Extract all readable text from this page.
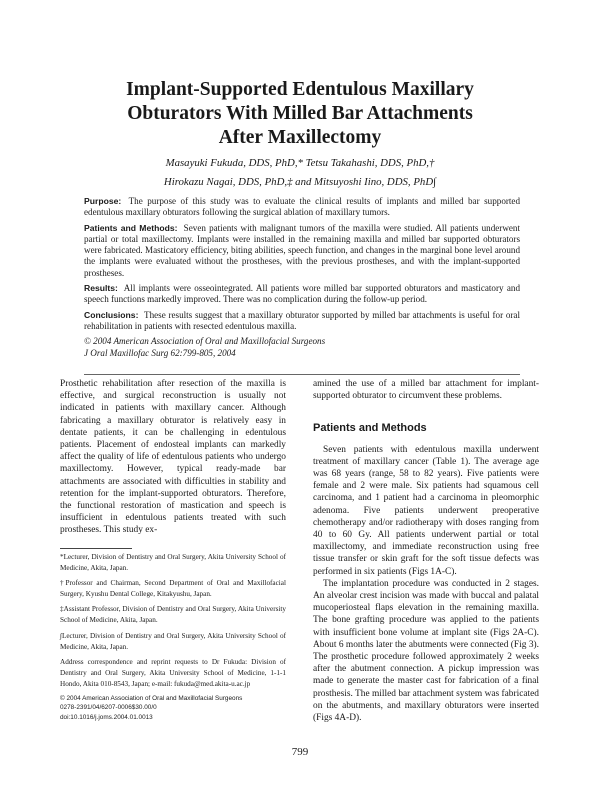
Implant-Supported Edentulous Maxillary
Obturators With Milled Bar Attachments
After Maxillectomy
Masayuki Fukuda, DDS, PhD,* Tetsu Takahashi, DDS, PhD,†
Hirokazu Nagai, DDS, PhD,‡ and Mitsuyoshi Iino, DDS, PhD∫

Purpose: The purpose of this study was to evaluate the clinical results of implants and milled bar supported edentulous maxillary obturators following the surgical ablation of maxillary tumors.

Patients and Methods: Seven patients with malignant tumors of the maxilla were studied. All patients underwent partial or total maxillectomy. Implants were installed in the remaining maxilla and milled bar supported obturators were fabricated. Masticatory efficiency, biting abilities, speech function, and changes in the marginal bone level around the implants were evaluated without the prostheses, with the previous prostheses, and with the implant-supported prostheses.

Results: All implants were osseointegrated. All patients wore milled bar supported obturators and masticatory and speech functions markedly improved. There was no complication during the follow-up period.

Conclusions: These results suggest that a maxillary obturator supported by milled bar attachments is useful for oral rehabilitation in patients with resected edentulous maxilla.

© 2004 American Association of Oral and Maxillofacial Surgeons

J Oral Maxillofac Surg 62:799-805, 2004

Prosthetic rehabilitation after resection of the maxilla is effective, and surgical reconstruction is usually not indicated in patients with maxillary cancer. Although fabricating a maxillary obturator is relatively easy in dentate patients, it can be challenging in edentulous patients. Placement of endosteal implants can markedly affect the quality of life of edentulous patients who undergo maxillectomy. However, typical ready-made bar attachments are associated with difficulties in stability and retention for the implant-supported obturators. Therefore, the functional restoration of mastication and speech is insufficient in edentulous patients treated with such prostheses. This study ex-

*Lecturer, Division of Dentistry and Oral Surgery, Akita University School of Medicine, Akita, Japan.

†Professor and Chairman, Second Department of Oral and Maxillofacial Surgery, Kyushu Dental College, Kitakyushu, Japan.

‡Assistant Professor, Division of Dentistry and Oral Surgery, Akita University School of Medicine, Akita, Japan.

∫Lecturer, Division of Dentistry and Oral Surgery, Akita University School of Medicine, Akita, Japan.

Address correspondence and reprint requests to Dr Fukuda: Division of Dentistry and Oral Surgery, Akita University School of Medicine, 1-1-1 Hondo, Akita 010-8543, Japan; e-mail: fukuda@med.akita-u.ac.jp

© 2004 American Association of Oral and Maxillofacial Surgeons

0278-2391/04/6207-0006$30.00/0

doi:10.1016/j.joms.2004.01.0013

amined the use of a milled bar attachment for implant-supported obturator to circumvent these problems.

Patients and Methods

Seven patients with edentulous maxilla underwent treatment of maxillary cancer (Table 1). The average age was 68 years (range, 58 to 82 years). Five patients were female and 2 were male. Six patients had squamous cell carcinoma, and 1 patient had a carcinoma in pleomorphic adenoma. Five patients underwent preoperative chemotherapy and/or radiotherapy with doses ranging from 40 to 60 Gy. All patients underwent partial or total maxillectomy, and immediate reconstruction using free tissue transfer or skin graft for the soft tissue defects was performed in six patients (Figs 1A-C).

The implantation procedure was conducted in 2 stages. An alveolar crest incision was made with buccal and palatal mucoperiosteal flaps elevation in the remaining maxilla. The bone grafting procedure was applied to the patients with insufficient bone volume at implant site (Figs 2A-C). About 6 months later the abutments were connected (Fig 3). The prosthetic procedure followed approximately 2 weeks after the abutment connection. A pickup impression was made to generate the master cast for fabrication of a final prosthesis. The milled bar attachment system was fabricated on the abutments, and maxillary obturators were inserted (Figs 4A-D).

799
